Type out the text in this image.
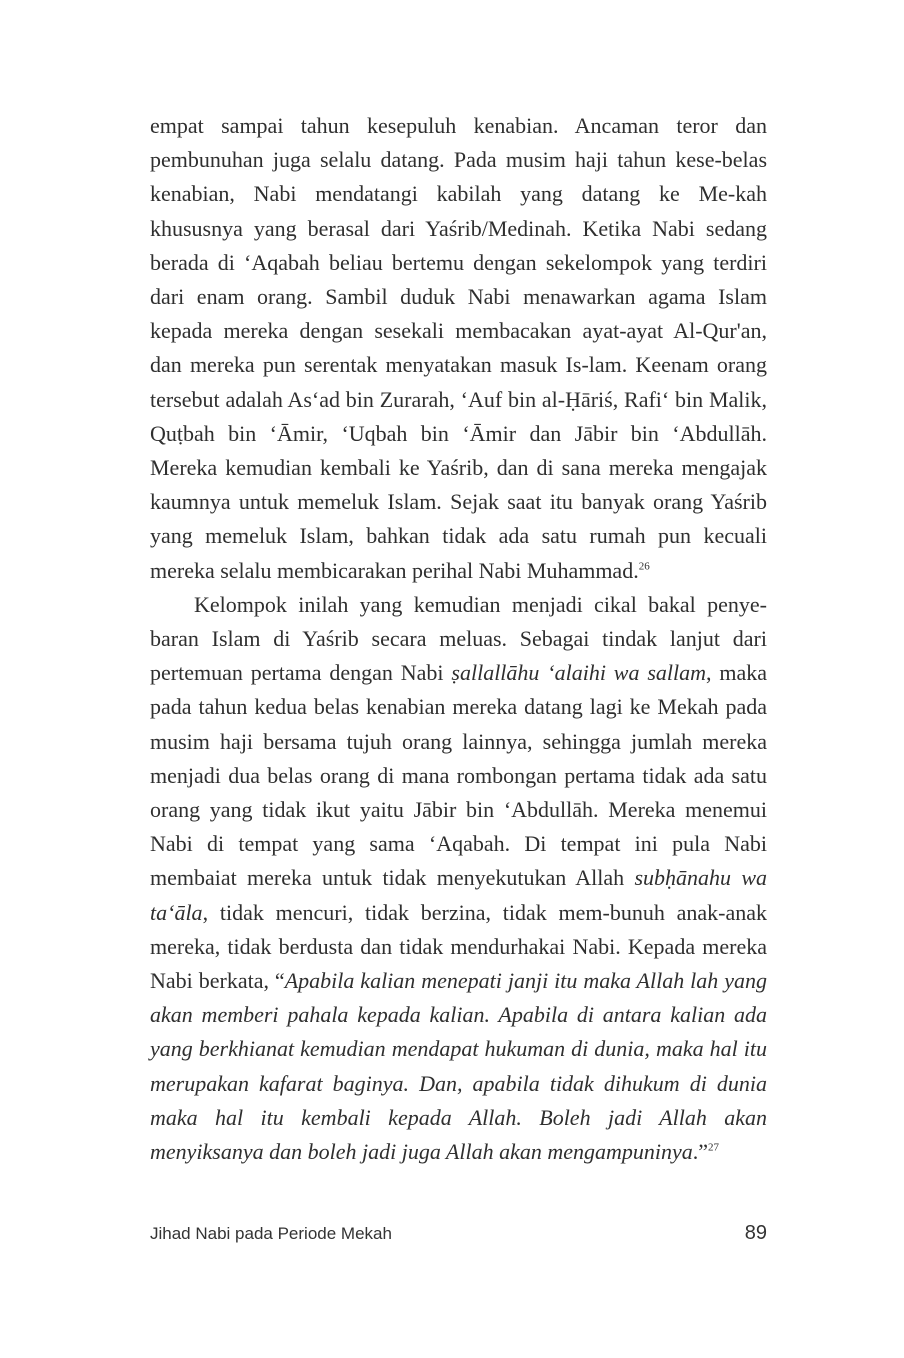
empat sampai tahun kesepuluh kenabian. Ancaman teror dan pembunuhan juga selalu datang. Pada musim haji tahun kese-belas kenabian, Nabi mendatangi kabilah yang datang ke Me-kah khususnya yang berasal dari Yaśrib/Medinah. Ketika Nabi sedang berada di ‘Aqabah beliau bertemu dengan sekelompok yang terdiri dari enam orang. Sambil duduk Nabi menawarkan agama Islam kepada mereka dengan sesekali membacakan ayat-ayat Al-Qur'an, dan mereka pun serentak menyatakan masuk Is-lam. Keenam orang tersebut adalah As‘ad bin Zurarah, ‘Auf bin al-Ḥāriś, Rafi‘ bin Malik, Quṭbah bin ‘Āmir, ‘Uqbah bin ‘Āmir dan Jābir bin ‘Abdullāh. Mereka kemudian kembali ke Yaśrib, dan di sana mereka mengajak kaumnya untuk memeluk Islam. Sejak saat itu banyak orang Yaśrib yang memeluk Islam, bahkan tidak ada satu rumah pun kecuali mereka selalu membicarakan perihal Nabi Muhammad.$^{26}$

Kelompok inilah yang kemudian menjadi cikal bakal penye-baran Islam di Yaśrib secara meluas. Sebagai tindak lanjut dari pertemuan pertama dengan Nabi ṣallallāhu ‘alaihi wa sallam, maka pada tahun kedua belas kenabian mereka datang lagi ke Mekah pada musim haji bersama tujuh orang lainnya, sehingga jumlah mereka menjadi dua belas orang di mana rombongan pertama tidak ada satu orang yang tidak ikut yaitu Jābir bin ‘Abdullāh. Mereka menemui Nabi di tempat yang sama ‘Aqabah. Di tempat ini pula Nabi membaiat mereka untuk tidak menyekutukan Allah subḥānahu wa ta‘āla, tidak mencuri, tidak berzina, tidak mem-bunuh anak-anak mereka, tidak berdusta dan tidak mendurhakai Nabi. Kepada mereka Nabi berkata, “Apabila kalian menepati janji itu maka Allah lah yang akan memberi pahala kepada kalian. Apabila di antara kalian ada yang berkhianat kemudian mendapat hukuman di dunia, maka hal itu merupakan kafarat baginya. Dan, apabila tidak dihukum di dunia maka hal itu kembali kepada Allah. Boleh jadi Allah akan menyiksanya dan boleh jadi juga Allah akan mengampuninya.”$^{27}$

Jihad Nabi pada Periode Mekah	89
